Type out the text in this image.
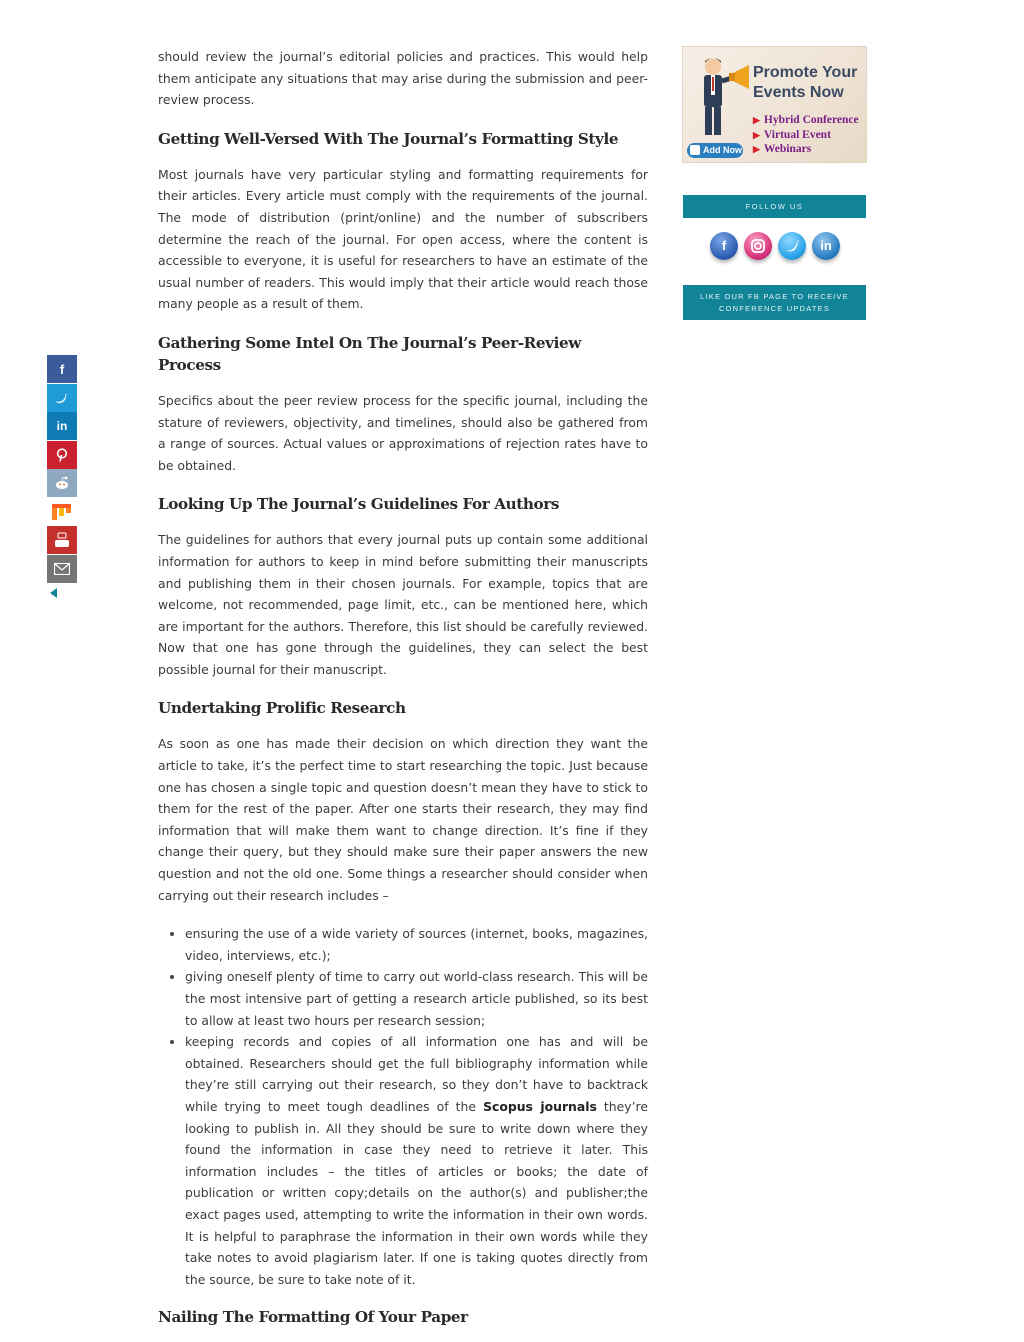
should review the journal’s editorial policies and practices. This would help them anticipate any situations that may arise during the submission and peer-review process.

Getting Well-Versed With The Journal’s Formatting Style

Most journals have very particular styling and formatting requirements for their articles. Every article must comply with the requirements of the journal. The mode of distribution (print/online) and the number of subscribers determine the reach of the journal. For open access, where the content is accessible to everyone, it is useful for researchers to have an estimate of the usual number of readers. This would imply that their article would reach those many people as a result of them.

Gathering Some Intel On The Journal’s Peer-Review Process

Specifics about the peer review process for the specific journal, including the stature of reviewers, objectivity, and timelines, should also be gathered from a range of sources. Actual values or approximations of rejection rates have to be obtained.

Looking Up The Journal’s Guidelines For Authors

The guidelines for authors that every journal puts up contain some additional information for authors to keep in mind before submitting their manuscripts and publishing them in their chosen journals. For example, topics that are welcome, not recommended, page limit, etc., can be mentioned here, which are important for the authors. Therefore, this list should be carefully reviewed. Now that one has gone through the guidelines, they can select the best possible journal for their manuscript.

Undertaking Prolific Research

As soon as one has made their decision on which direction they want the article to take, it’s the perfect time to start researching the topic. Just because one has chosen a single topic and question doesn’t mean they have to stick to them for the rest of the paper. After one starts their research, they may find information that will make them want to change direction. It’s fine if they change their query, but they should make sure their paper answers the new question and not the old one. Some things a researcher should consider when carrying out their research includes –

• ensuring the use of a wide variety of sources (internet, books, magazines, video, interviews, etc.);
• giving oneself plenty of time to carry out world-class research. This will be the most intensive part of getting a research article published, so its best to allow at least two hours per research session;
• keeping records and copies of all information one has and will be obtained. Researchers should get the full bibliography information while they’re still carrying out their research, so they don’t have to backtrack while trying to meet tough deadlines of the Scopus journals they’re looking to publish in. All they should be sure to write down where they found the information in case they need to retrieve it later. This information includes – the titles of articles or books; the date of publication or written copy;details on the author(s) and publisher;the exact pages used, attempting to write the information in their own words. It is helpful to paraphrase the information in their own words while they take notes to avoid plagiarism later. If one is taking quotes directly from the source, be sure to take note of it.
Nailing The Formatting Of Your Paper
Promote Your Events Now
▶ Hybrid Conference
▶ Virtual Event
▶ Webinars
Add Now
FOLLOW US
f	in
LIKE OUR FB PAGE TO RECEIVE CONFERENCE UPDATES
f
in
